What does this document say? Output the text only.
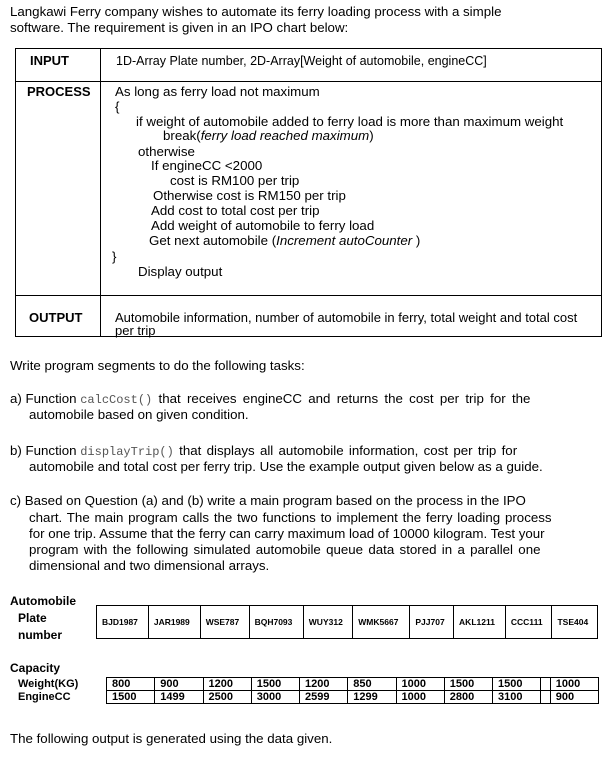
Langkawi Ferry company wishes to automate its ferry loading process with a simple
software. The requirement is given in an IPO chart below:
INPUT	1D-Array Plate number, 2D-Array[Weight of automobile, engineCC]
PROCESS As long as ferry load not maximum
{
if weight of automobile added to ferry load is more than maximum weight
break(ferry load reached maximum)
otherwise
If engineCC <2000
cost is RM100 per trip
Otherwise cost is RM150 per trip
Add cost to total cost per trip
Add weight of automobile to ferry load
Get next automobile (Increment autoCounter )
}
Display output
OUTPUT	Automobile information, number of automobile in ferry, total weight and total cost
per trip
Write program segments to do the following tasks:
a) Function calcCost() that receives engineCC and returns the cost per trip for the
automobile based on given condition.
b) Function displayTrip() that displays all automobile information, cost per trip for
automobile and total cost per ferry trip. Use the example output given below as a guide.
c) Based on Question (a) and (b) write a main program based on the process in the IPO
chart. The main program calls the two functions to implement the ferry loading process
for one trip. Assume that the ferry can carry maximum load of 10000 kilogram. Test your
program with the following simulated automobile queue data stored in a parallel one
dimensional and two dimensional arrays.
Automobile
Plate
number
BJD1987	JAR1989	WSE787	BQH7093	WUY312	WMK5667	PJJ707	AKL1211	CCC111	TSE404
Capacity
Weight(KG)	800	900	1200	1500	1200	850	1000	1500	1500		1000
EngineCC	1500	1499	2500	3000	2599	1299	1000	2800	3100		900
The following output is generated using the data given.
